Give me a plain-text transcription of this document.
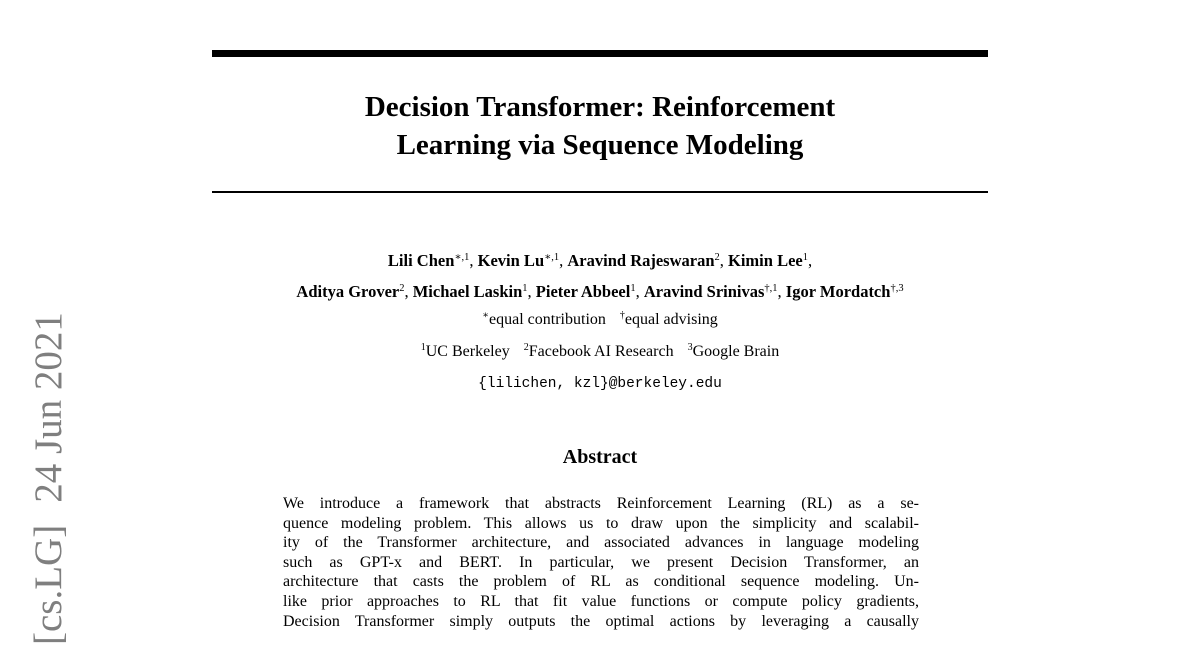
Decision Transformer: Reinforcement
Learning via Sequence Modeling
Lili Chen$^{∗,1}$, Kevin $Lu^{∗,1}$, Aravind Rajeswaran$^2$, Kimin Lee$^1$,
Aditya Grover$^2$, Michael Laskin$^1$, Pieter Abbeel$^1$, Aravind Srinivas$^{\dagger,1}$, Igor Mordatch$^{\dagger,3}$
∗equal contribution †equal advising
$^1$UC Berkeley $^2$Facebook AI Research $^3$Google Brain
{lilichen, kzl}@berkeley.edu
Abstract
We introduce a framework that abstracts Reinforcement Learning (RL) as a se-
quence modeling problem. This allows us to draw upon the simplicity and scalabil-
ity of the Transformer architecture, and associated advances in language modeling
such as GPT-x and BERT. In particular, we present Decision Transformer, an
architecture that casts the problem of RL as conditional sequence modeling. Un-
like prior approaches to RL that fit value functions or compute policy gradients,
Decision Transformer simply outputs the optimal actions by leveraging a causally
[cs.LG]24 Jun 2021
